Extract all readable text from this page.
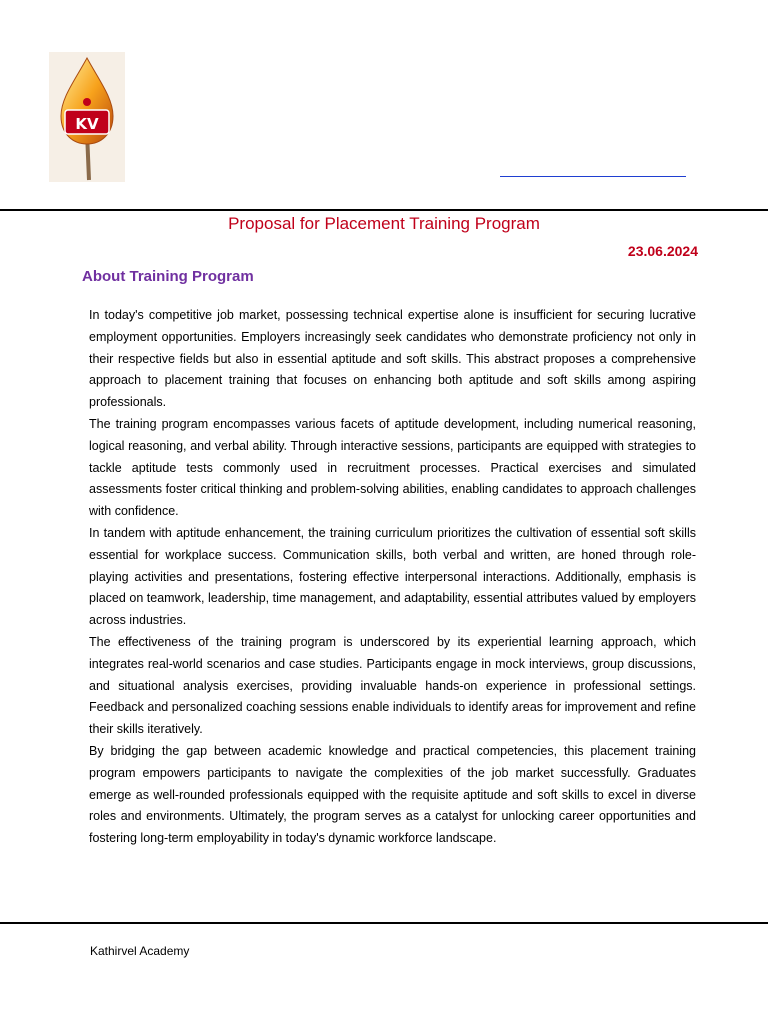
KV
Proposal for Placement Training Program
23.06.2024
About Training Program

In today's competitive job market, possessing technical expertise alone is insufficient for securing lucrative employment opportunities. Employers increasingly seek candidates who demonstrate proficiency not only in their respective fields but also in essential aptitude and soft skills. This abstract proposes a comprehensive approach to placement training that focuses on enhancing both aptitude and soft skills among aspiring professionals.

The training program encompasses various facets of aptitude development, including numerical reasoning, logical reasoning, and verbal ability. Through interactive sessions, participants are equipped with strategies to tackle aptitude tests commonly used in recruitment processes. Practical exercises and simulated assessments foster critical thinking and problem-solving abilities, enabling candidates to approach challenges with confidence.

In tandem with aptitude enhancement, the training curriculum prioritizes the cultivation of essential soft skills essential for workplace success. Communication skills, both verbal and written, are honed through role-playing activities and presentations, fostering effective interpersonal interactions. Additionally, emphasis is placed on teamwork, leadership, time management, and adaptability, essential attributes valued by employers across industries.

The effectiveness of the training program is underscored by its experiential learning approach, which integrates real-world scenarios and case studies. Participants engage in mock interviews, group discussions, and situational analysis exercises, providing invaluable hands-on experience in professional settings. Feedback and personalized coaching sessions enable individuals to identify areas for improvement and refine their skills iteratively.

By bridging the gap between academic knowledge and practical competencies, this placement training program empowers participants to navigate the complexities of the job market successfully. Graduates emerge as well-rounded professionals equipped with the requisite aptitude and soft skills to excel in diverse roles and environments. Ultimately, the program serves as a catalyst for unlocking career opportunities and fostering long-term employability in today's dynamic workforce landscape.

Kathirvel Academy
